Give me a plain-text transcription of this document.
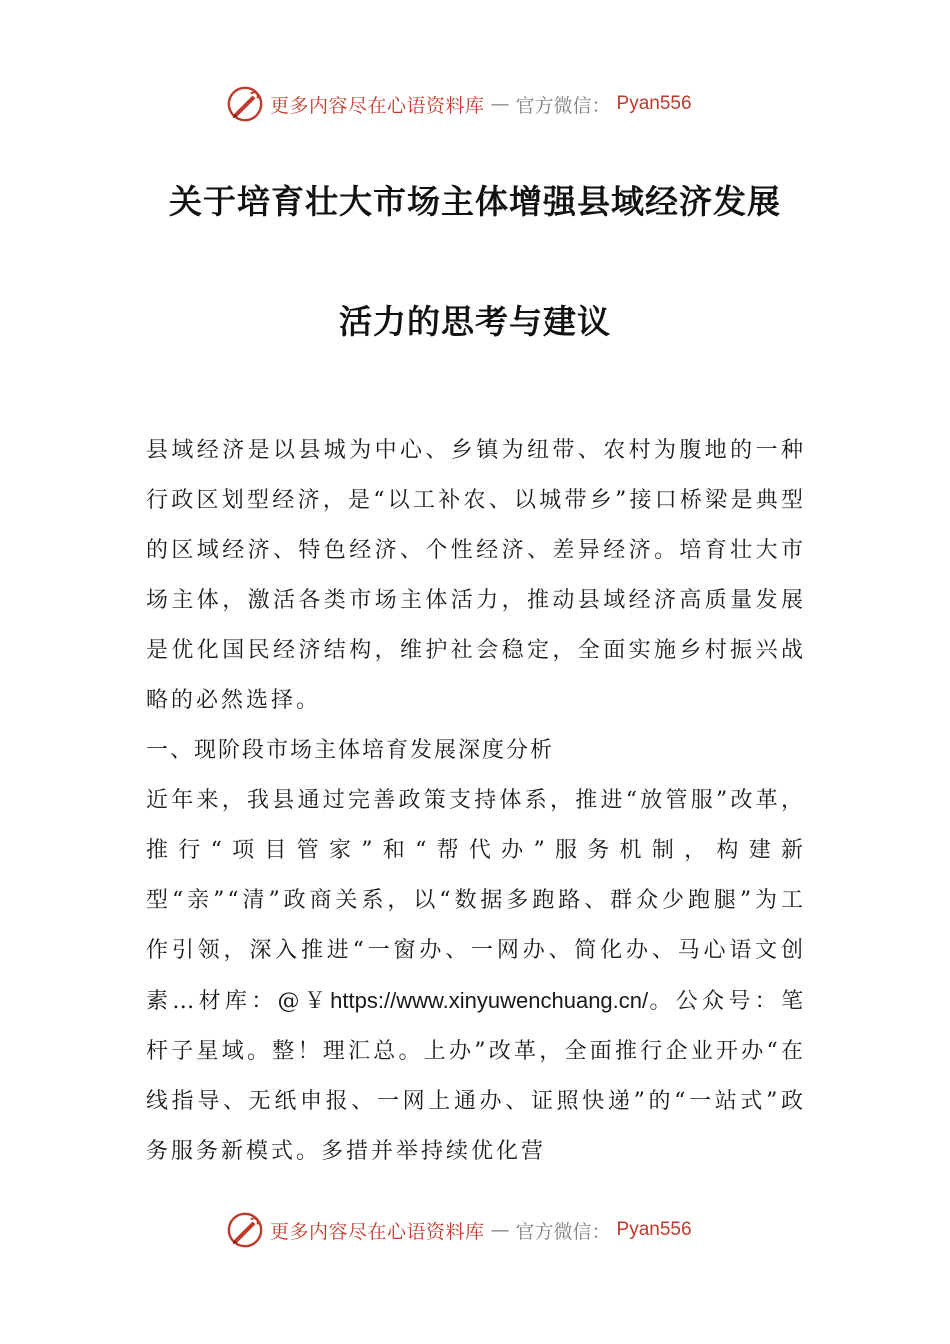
更多内容尽在心语资料库 — 官方微信： Pyan556
关于培育壮大市场主体增强县域经济发展
活力的思考与建议

县域经济是以县城为中心、乡镇为纽带、农村为腹地的一种行政区划型经济，是“以工补农、以城带乡”接口桥梁是典型的区域经济、特色经济、个性经济、差异经济。培育壮大市场主体，激活各类市场主体活力，推动县域经济高质量发展是优化国民经济结构，维护社会稳定，全面实施乡村振兴战略的必然选择。

一、现阶段市场主体培育发展深度分析

近年来，我县通过完善政策支持体系，推进“放管服”改革，推行“项目管家”和“帮代办”服务机制，构建新型“亲”“清”政商关系，以“数据多跑路、群众少跑腿”为工作引领，深入推进“一窗办、一网办、简化办、马心语文创素…材库：@￥https://www.xinyuwenchuang.cn/。公众号：笔杆子星域。整！理汇总。上办”改革，全面推行企业开办“在线指导、无纸申报、一网上通办、证照快递”的“一站式”政务服务新模式。多措并举持续优化营

更多内容尽在心语资料库 — 官方微信： Pyan556
